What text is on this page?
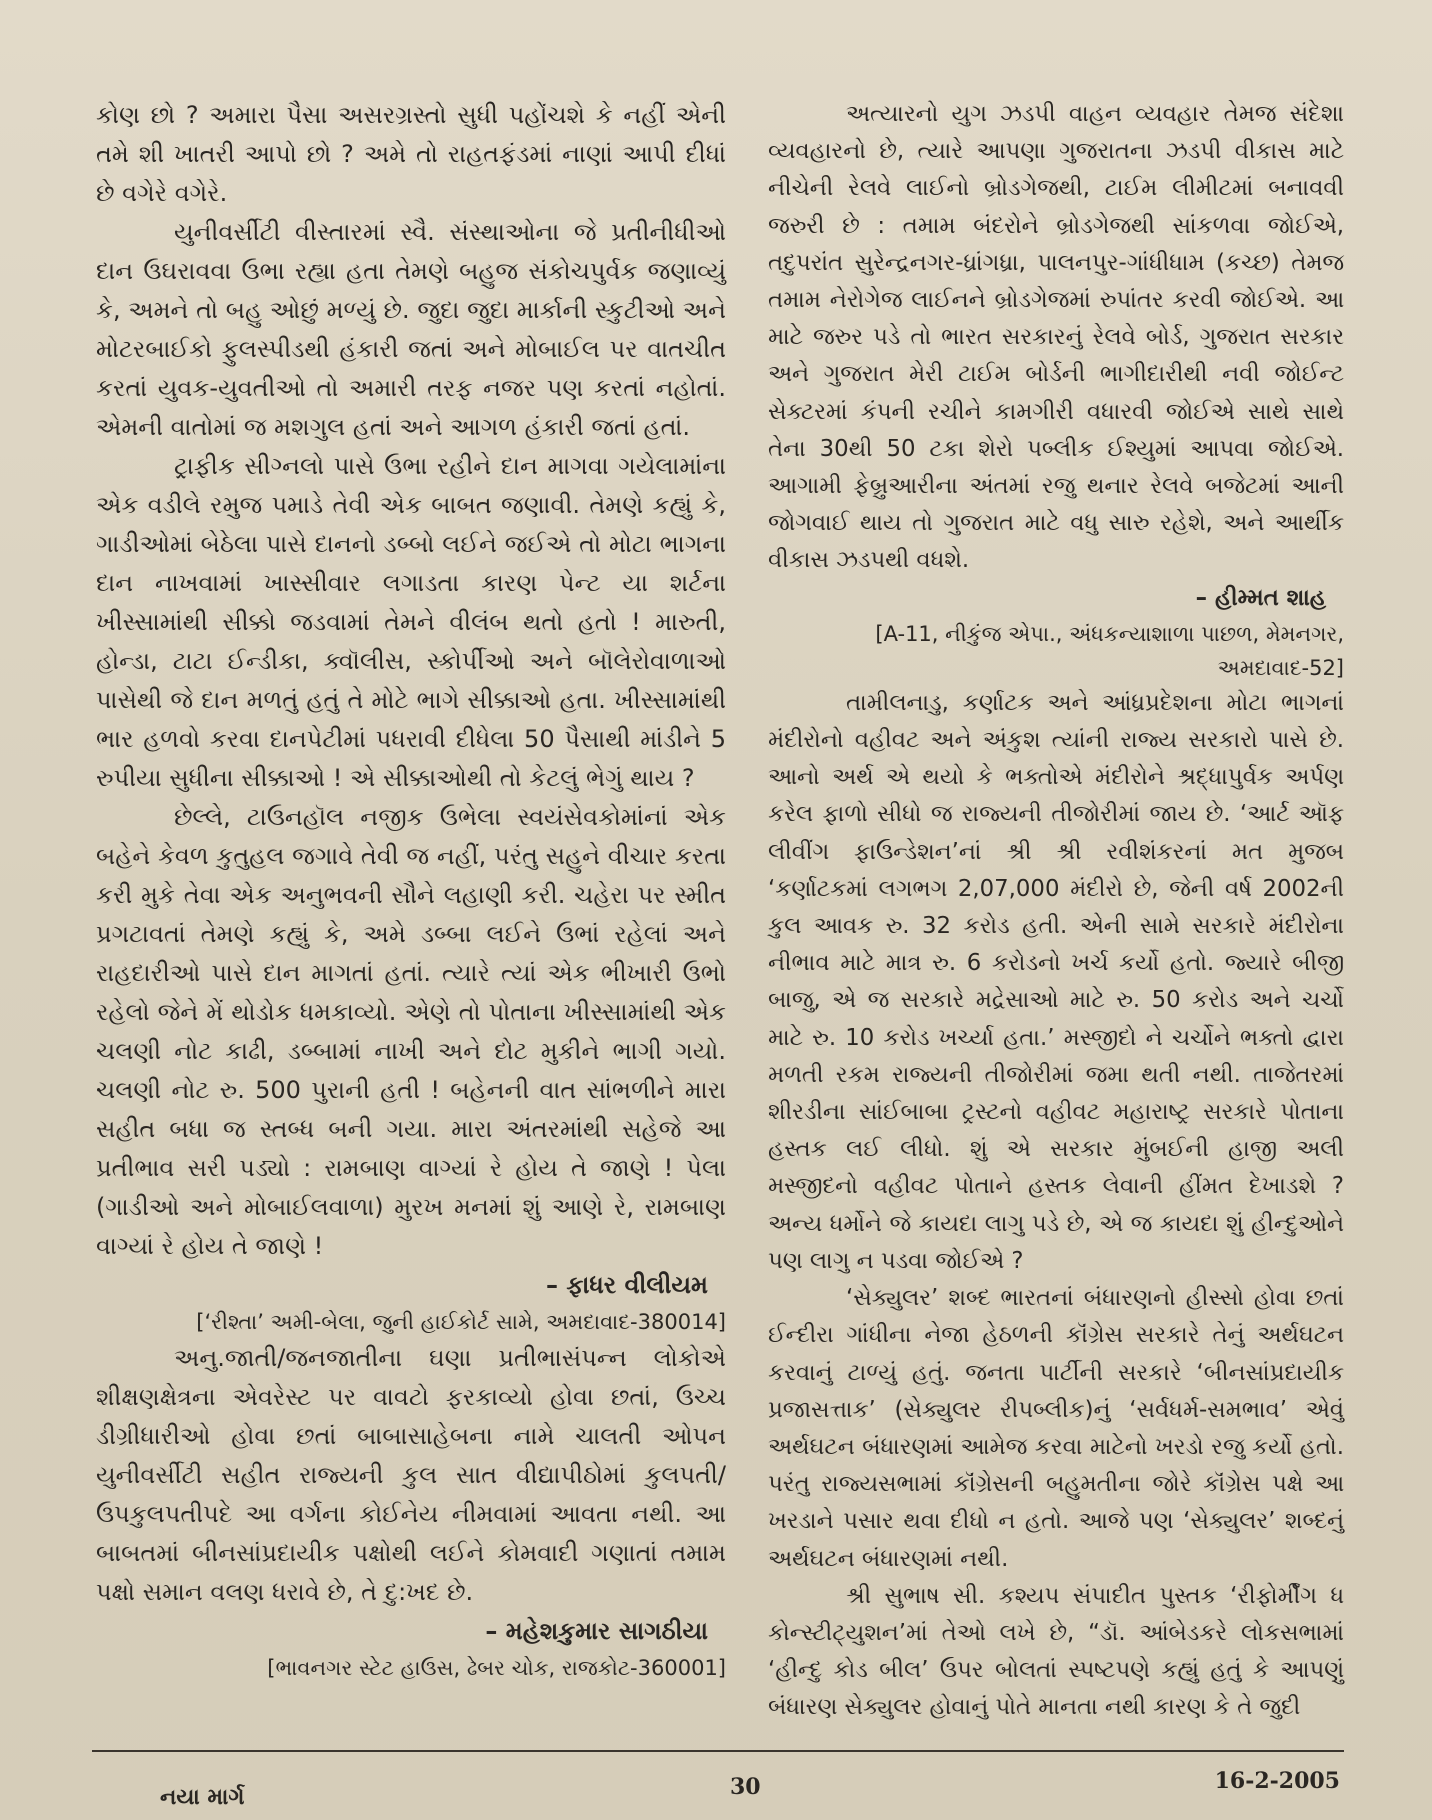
કોણ છો ? અમારા પૈસા અસરગ્રસ્તો સુધી પહોંચશે કે નહીં એની તમે શી ખાતરી આપો છો ? અમે તો રાહતફંડમાં નાણાં આપી દીધાં છે વગેરે વગેરે.

યુનીવર્સીટી વીસ્તારમાં સ્વૈ. સંસ્થાઓના જે પ્રતીનીધીઓ દાન ઉઘરાવવા ઉભા રહ્યા હતા તેમણે બહુજ સંકોચપુર્વક જણાવ્યું કે, અમને તો બહુ ઓછું મળ્યું છે. જુદા જુદા માર્કાની સ્કુટીઓ અને મોટરબાઈકો ફુલસ્પીડથી હંકારી જતાં અને મોબાઈલ પર વાતચીત કરતાં યુવક-યુવતીઓ તો અમારી તરફ નજર પણ કરતાં નહોતાં. એમની વાતોમાં જ મશગુલ હતાં અને આગળ હંકારી જતાં હતાં.

ટ્રાફીક સીગ્નલો પાસે ઉભા રહીને દાન માગવા ગયેલામાંના એક વડીલે રમુજ પમાડે તેવી એક બાબત જણાવી. તેમણે કહ્યું કે, ગાડીઓમાં બેઠેલા પાસે દાનનો ડબ્બો લઈને જઈએ તો મોટા ભાગના દાન નાખવામાં ખાસ્સીવાર લગાડતા કારણ પેન્ટ યા શર્ટના ખીસ્સામાંથી સીક્કો જડવામાં તેમને વીલંબ થતો હતો ! મારુતી, હોન્ડા, ટાટા ઈન્ડીકા, ક્વૉલીસ, સ્કોર્પીઓ અને બૉલેરોવાળાઓ પાસેથી જે દાન મળતું હતું તે મોટે ભાગે સીક્કાઓ હતા. ખીસ્સામાંથી ભાર હળવો કરવા દાનપેટીમાં પધરાવી દીધેલા 50 પૈસાથી માંડીને 5 રુપીયા સુધીના સીક્કાઓ ! એ સીક્કાઓથી તો કેટલું ભેગું થાય ?

છેલ્લે, ટાઉનહૉલ નજીક ઉભેલા સ્વયંસેવકોમાંનાં એક બહેને કેવળ કુતુહલ જગાવે તેવી જ નહીં, પરંતુ સહુને વીચાર કરતા કરી મુકે તેવા એક અનુભવની સૌને લહાણી કરી. ચહેરા પર સ્મીત પ્રગટાવતાં તેમણે કહ્યું કે, અમે ડબ્બા લઈને ઉભાં રહેલાં અને રાહદારીઓ પાસે દાન માગતાં હતાં. ત્યારે ત્યાં એક ભીખારી ઉભો રહેલો જેને મેં થોડોક ધમકાવ્યો. એણે તો પોતાના ખીસ્સામાંથી એક ચલણી નોટ કાઢી, ડબ્બામાં નાખી અને દોટ મુકીને ભાગી ગયો. ચલણી નોટ રુ. 500 પુરાની હતી ! બહેનની વાત સાંભળીને મારા સહીત બધા જ સ્તબ્ધ બની ગયા. મારા અંતરમાંથી સહેજે આ પ્રતીભાવ સરી પડ્યો : રામબાણ વાગ્યાં રે હોય તે જાણે ! પેલા (ગાડીઓ અને મોબાઈલવાળા) મુરખ મનમાં શું આણે રે, રામબાણ વાગ્યાં રે હોય તે જાણે !

– ફાધર વીલીયમ

[‘રીશ્તા’ અમી-બેલા, જુની હાઈકોર્ટ સામે, અમદાવાદ-380014]

અનુ.જાતી/જનજાતીના ઘણા પ્રતીભાસંપન્ન લોકોએ શીક્ષણક્ષેત્રના એવરેસ્ટ પર વાવટો ફરકાવ્યો હોવા છતાં, ઉચ્ચ ડીગ્રીધારીઓ હોવા છતાં બાબાસાહેબના નામે ચાલતી ઓપન યુનીવર્સીટી સહીત રાજ્યની કુલ સાત વીદ્યાપીઠોમાં કુલપતી/ઉપકુલપતીપદે આ વર્ગના કોઈનેય નીમવામાં આવતા નથી. આ બાબતમાં બીનસાંપ્રદાયીક પક્ષોથી લઈને કોમવાદી ગણાતાં તમામ પક્ષો સમાન વલણ ધરાવે છે, તે દુ:ખદ છે.

– મહેશકુમાર સાગઠીયા

[ભાવનગર સ્ટેટ હાઉસ, ઢેબર ચોક, રાજકોટ-360001]

અત્યારનો યુગ ઝડપી વાહન વ્યવહાર તેમજ સંદેશા વ્યવહારનો છે, ત્યારે આપણા ગુજરાતના ઝડપી વીકાસ માટે નીચેની રેલવે લાઈનો બ્રોડગેજથી, ટાઈમ લીમીટમાં બનાવવી જરુરી છે : તમામ બંદરોને બ્રોડગેજથી સાંકળવા જોઈએ, તદુપરાંત સુરેન્દ્રનગર-ધ્રાંગધ્રા, પાલનપુર-ગાંધીધામ (કચ્છ) તેમજ તમામ નેરોગેજ લાઈનને બ્રોડગેજમાં રુપાંતર કરવી જોઈએ. આ માટે જરુર પડે તો ભારત સરકારનું રેલવે બોર્ડ, ગુજરાત સરકાર અને ગુજરાત મેરી ટાઈમ બોર્ડની ભાગીદારીથી નવી જોઈન્ટ સેક્ટરમાં કંપની રચીને કામગીરી વધારવી જોઈએ સાથે સાથે તેના 30થી 50 ટકા શેરો પબ્લીક ઈશ્યુમાં આપવા જોઈએ. આગામી ફેબ્રુઆરીના અંતમાં રજુ થનાર રેલવે બજેટમાં આની જોગવાઈ થાય તો ગુજરાત માટે વધુ સારુ રહેશે, અને આર્થીક વીકાસ ઝડપથી વધશે.

– હીમ્મત શાહ

[A-11, નીકુંજ એપા., અંધકન્યાશાળા પાછળ, મેમનગર,

અમદાવાદ-52]

તામીલનાડુ, કર્ણાટક અને આંધ્રપ્રદેશના મોટા ભાગનાં મંદીરોનો વહીવટ અને અંકુશ ત્યાંની રાજ્ય સરકારો પાસે છે. આનો અર્થ એ થયો કે ભક્તોએ મંદીરોને શ્રદ્ધાપુર્વક અર્પણ કરેલ ફાળો સીધો જ રાજ્યની તીજોરીમાં જાય છે. ‘આર્ટ ઑફ લીવીંગ ફાઉન્ડેશન’નાં શ્રી શ્રી રવીશંકરનાં મત મુજબ ‘કર્ણાટકમાં લગભગ 2,07,000 મંદીરો છે, જેની વર્ષ 2002ની કુલ આવક રુ. 32 કરોડ હતી. એની સામે સરકારે મંદીરોના નીભાવ માટે માત્ર રુ. 6 કરોડનો ખર્ચ કર્યો હતો. જ્યારે બીજી બાજુ, એ જ સરકારે મદ્રેસાઓ માટે રુ. 50 કરોડ અને ચર્ચો માટે રુ. 10 કરોડ ખર્ચ્યા હતા.’ મસ્જીદો ને ચર્ચોને ભક્તો દ્વારા મળતી રકમ રાજ્યની તીજોરીમાં જમા થતી નથી. તાજેતરમાં શીરડીના સાંઈબાબા ટ્રસ્ટનો વહીવટ મહારાષ્ટ્ર સરકારે પોતાના હસ્તક લઈ લીધો. શું એ સરકાર મુંબઈની હાજી અલી મસ્જીદનો વહીવટ પોતાને હસ્તક લેવાની હીંમત દેખાડશે ? અન્ય ધર્મોને જે કાયદા લાગુ પડે છે, એ જ કાયદા શું હીન્દુઓને પણ લાગુ ન પડવા જોઈએ ?

‘સેક્યુલર’ શબ્દ ભારતનાં બંધારણનો હીસ્સો હોવા છતાં ઈન્દીરા ગાંધીના નેજા હેઠળની કૉંગ્રેસ સરકારે તેનું અર્થઘટન કરવાનું ટાળ્યું હતું. જનતા પાર્ટીની સરકારે ‘બીનસાંપ્રદાયીક પ્રજાસત્તાક’ (સેક્યુલર રીપબ્લીક)નું ‘સર્વધર્મ-સમભાવ’ એવું અર્થઘટન બંધારણમાં આમેજ કરવા માટેનો ખરડો રજુ કર્યો હતો. પરંતુ રાજ્યસભામાં કૉંગ્રેસની બહુમતીના જોરે કૉંગ્રેસ પક્ષે આ ખરડાને પસાર થવા દીધો ન હતો. આજે પણ ‘સેક્યુલર’ શબ્દનું અર્થઘટન બંધારણમાં નથી.

શ્રી સુભાષ સી. કશ્યપ સંપાદીત પુસ્તક ‘રીફોર્મીંગ ધ કોન્સ્ટીટ્યુશન’માં તેઓ લખે છે, “ડૉ. આંબેડકરે લોકસભામાં ‘હીન્દુ કોડ બીલ’ ઉપર બોલતાં સ્પષ્ટપણે કહ્યું હતું કે આપણું બંધારણ સેક્યુલર હોવાનું પોતે માનતા નથી કારણ કે તે જુદી

નયા માર્ગ	30	16-2-2005
